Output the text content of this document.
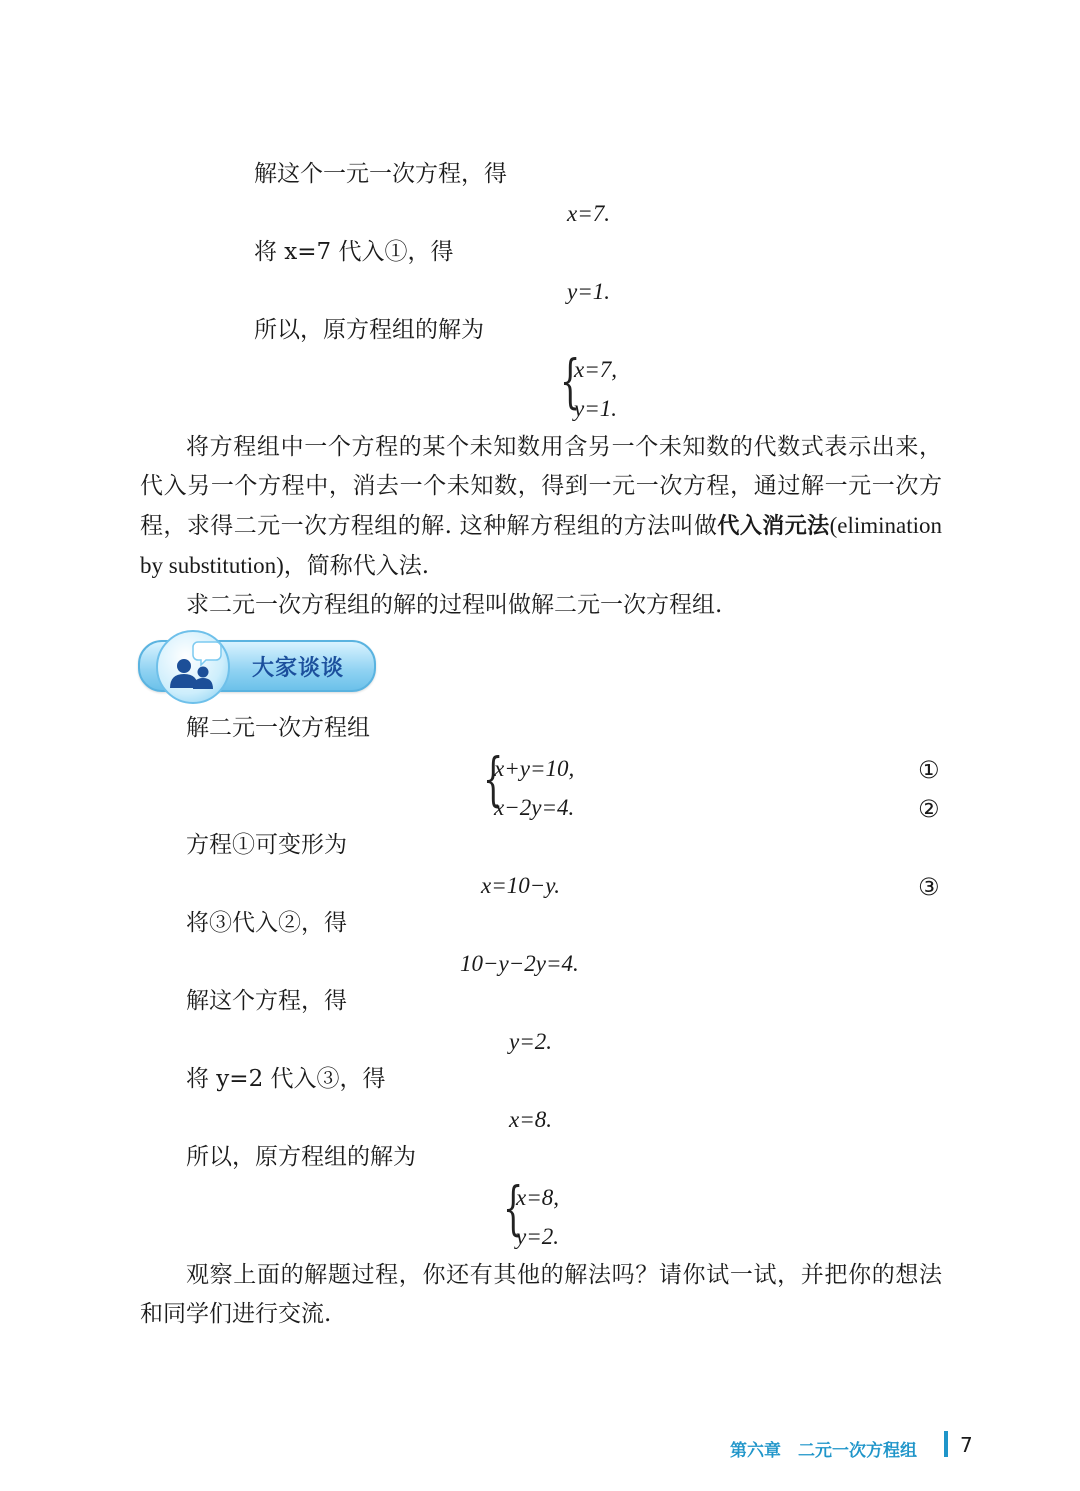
解这个一元一次方程，得
x=7.
将 x=7 代入①，得
y=1.
所以，原方程组的解为
{
x=7,
y=1.
将方程组中一个方程的某个未知数用含另一个未知数的代数式表示出来，代入另一个方程中，消去一个未知数，得到一元一次方程，通过解一元一次方程，求得二元一次方程组的解. 这种解方程组的方法叫做代入消元法(elimination by substitution)，简称代入法.
求二元一次方程组的解的过程叫做解二元一次方程组.
大家谈谈
解二元一次方程组
{
x+y=10,	①
x−2y=4.	②
方程①可变形为
x=10−y.	③
将③代入②，得
10−y−2y=4.
解这个方程，得
y=2.
将 y=2 代入③，得
x=8.
所以，原方程组的解为
{
x=8,
y=2.
观察上面的解题过程，你还有其他的解法吗？请你试一试，并把你的想法和同学们进行交流.
第六章　二元一次方程组 7
